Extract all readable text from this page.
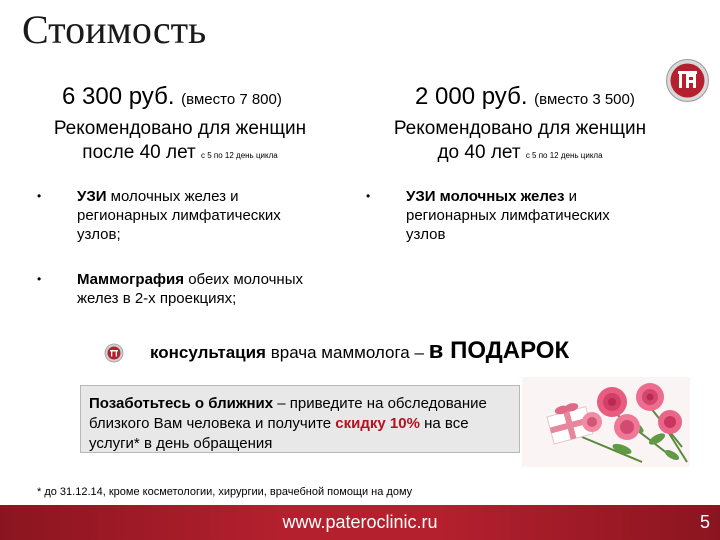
Стоимость
6 300 руб. (вместо 7 800)
Рекомендовано для женщин
после 40 лет с 5 по 12 день цикла
• УЗИ молочных желез и регионарных лимфатических узлов;
• Маммография обеих молочных желез в 2-х проекциях;
2 000 руб. (вместо 3 500)
Рекомендовано для женщин
до 40 лет с 5 по 12 день цикла
• УЗИ молочных желез и регионарных лимфатических узлов
консультация врача маммолога – в ПОДАРОК
Позаботьтесь о ближних – приведите на обследование близкого Вам человека и получите скидку 10% на все услуги* в день обращения
* до 31.12.14, кроме косметологии, хирургии, врачебной помощи на дому
www.pateroclinic.ru	5
